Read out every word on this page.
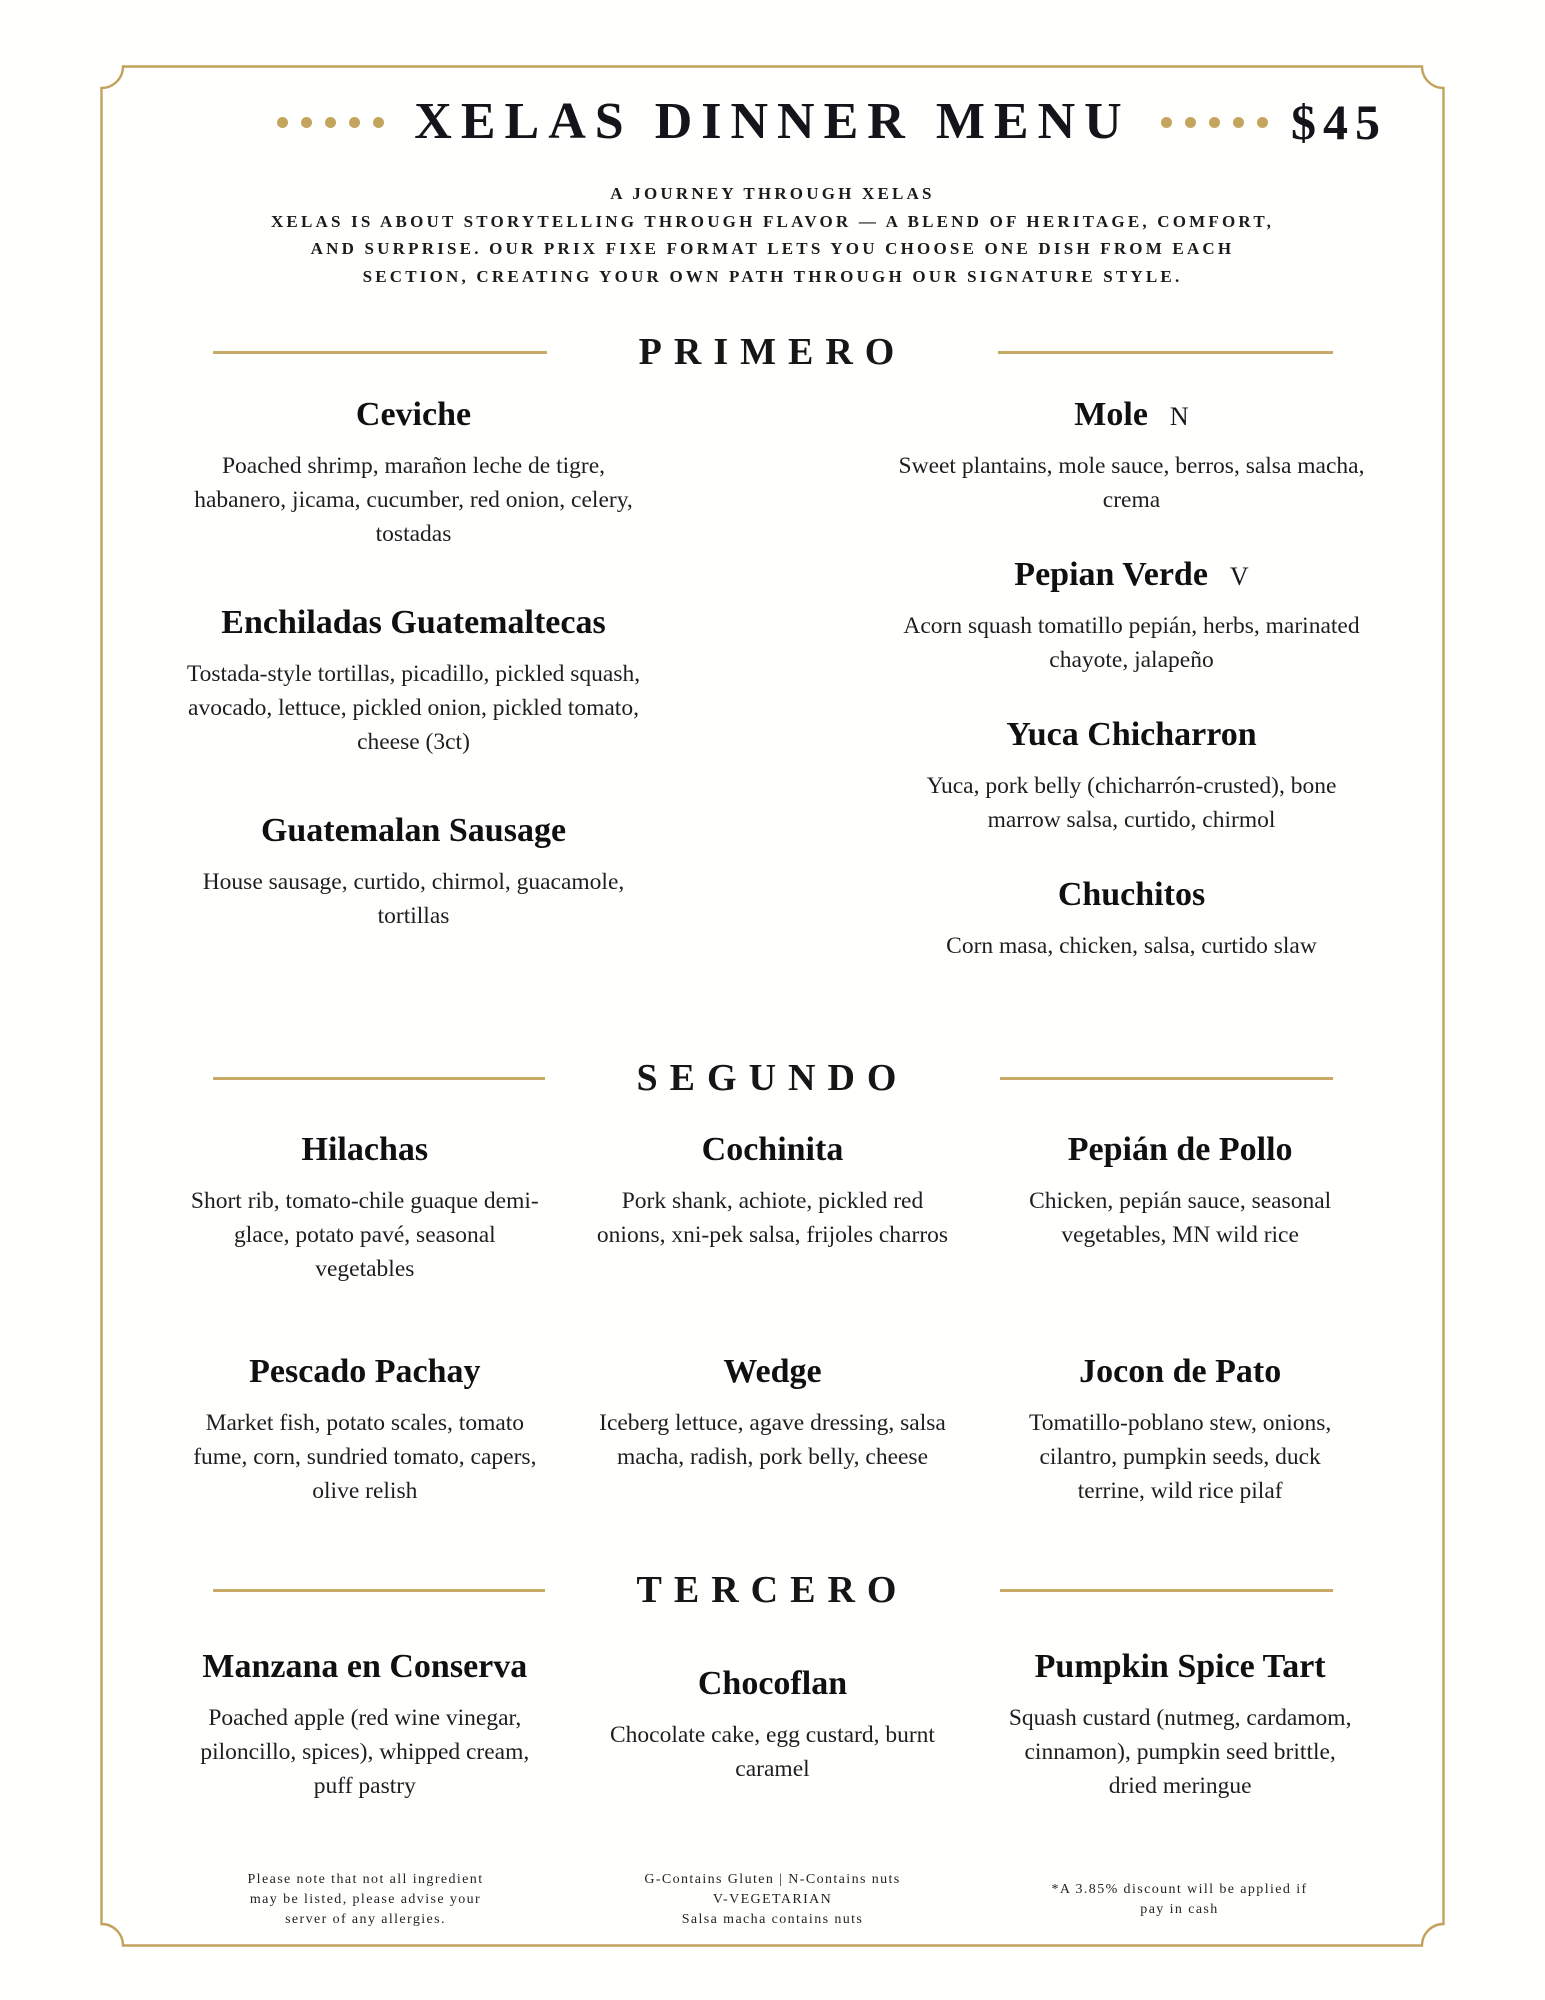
XELAS DINNER MENU	$45
A JOURNEY THROUGH XELAS
XELAS IS ABOUT STORYTELLING THROUGH FLAVOR — A BLEND OF HERITAGE, COMFORT,
AND SURPRISE. OUR PRIX FIXE FORMAT LETS YOU CHOOSE ONE DISH FROM EACH
SECTION, CREATING YOUR OWN PATH THROUGH OUR SIGNATURE STYLE.
PRIMERO
Ceviche
Poached shrimp, marañon leche de tigre, habanero, jicama, cucumber, red onion, celery, tostadas
Enchiladas Guatemaltecas
Tostada-style tortillas, picadillo, pickled squash, avocado, lettuce, pickled onion, pickled tomato, cheese (3ct)
Guatemalan Sausage
House sausage, curtido, chirmol, guacamole, tortillas
Mole N
Sweet plantains, mole sauce, berros, salsa macha, crema
Pepian Verde V
Acorn squash tomatillo pepián, herbs, marinated chayote, jalapeño
Yuca Chicharron
Yuca, pork belly (chicharrón-crusted), bone marrow salsa, curtido, chirmol
Chuchitos
Corn masa, chicken, salsa, curtido slaw
SEGUNDO
Hilachas
Short rib, tomato-chile guaque demi-glace, potato pavé, seasonal vegetables
Cochinita
Pork shank, achiote, pickled red onions, xni-pek salsa, frijoles charros
Pepián de Pollo
Chicken, pepián sauce, seasonal vegetables, MN wild rice
Pescado Pachay
Market fish, potato scales, tomato fume, corn, sundried tomato, capers, olive relish
Wedge
Iceberg lettuce, agave dressing, salsa macha, radish, pork belly, cheese
Jocon de Pato
Tomatillo-poblano stew, onions, cilantro, pumpkin seeds, duck terrine, wild rice pilaf
TERCERO
Manzana en Conserva
Poached apple (red wine vinegar, piloncillo, spices), whipped cream, puff pastry
Chocoflan
Chocolate cake, egg custard, burnt caramel
Pumpkin Spice Tart
Squash custard (nutmeg, cardamom, cinnamon), pumpkin seed brittle, dried meringue
Please note that not all ingredient
may be listed, please advise your
server of any allergies.
G-Contains Gluten | N-Contains nuts
V-VEGETARIAN
Salsa macha contains nuts
*A 3.85% discount will be applied if
pay in cash
